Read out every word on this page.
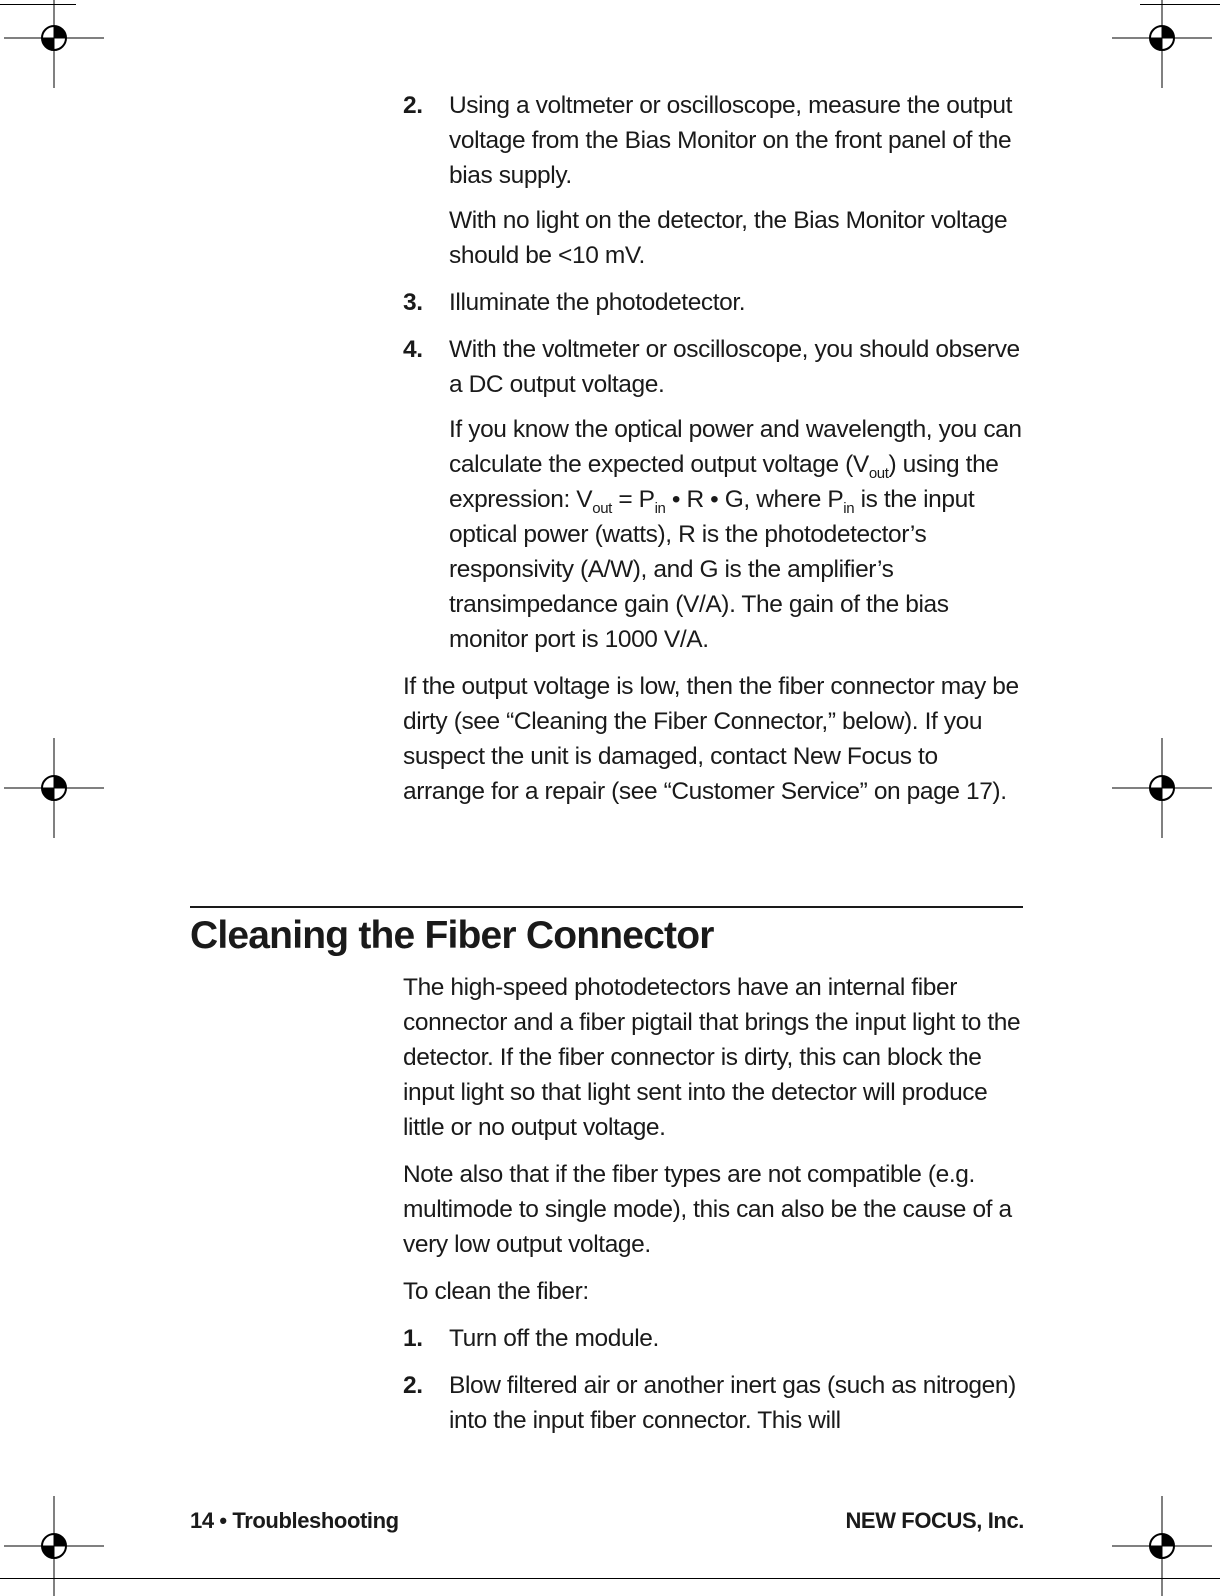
2. Using a voltmeter or oscilloscope, measure the output voltage from the Bias Monitor on the front panel of the bias supply.

With no light on the detector, the Bias Monitor voltage should be <10 mV.

3. Illuminate the photodetector.

4. With the voltmeter or oscilloscope, you should observe a DC output voltage.

If you know the optical power and wavelength, you can calculate the expected output voltage $(V_{out})$ using the expression: $V_{out} = P_{in}$ • R • G, where $P_{in}$ is the input optical power (watts), R is the photodetector’s responsivity (A/W), and G is the amplifier’s transimpedance gain (V/A). The gain of the bias monitor port is 1000 V/A.

If the output voltage is low, then the fiber connector may be dirty (see “Cleaning the Fiber Connector,” below). If you suspect the unit is damaged, contact New Focus to arrange for a repair (see “Customer Service” on page 17).

Cleaning the Fiber Connector

The high-speed photodetectors have an internal fiber connector and a fiber pigtail that brings the input light to the detector. If the fiber connector is dirty, this can block the input light so that light sent into the detector will produce little or no output voltage.

Note also that if the fiber types are not compatible (e.g. multimode to single mode), this can also be the cause of a very low output voltage.

To clean the fiber:

1. Turn off the module.

2. Blow filtered air or another inert gas (such as nitrogen) into the input fiber connector. This will

14 • Troubleshooting	NEW FOCUS, Inc.
